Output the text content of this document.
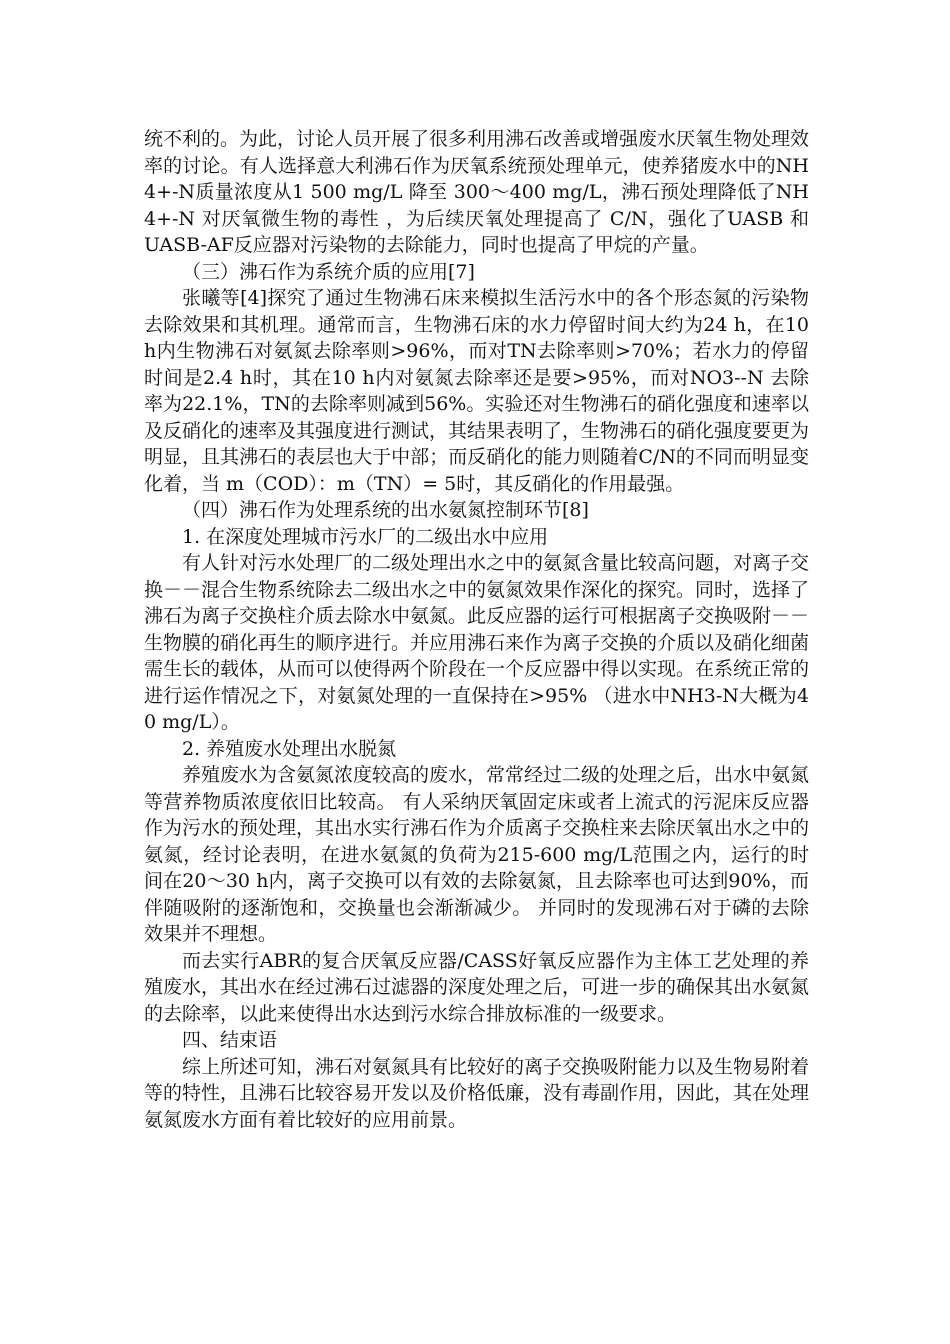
统不利的。为此，讨论人员开展了很多利用沸石改善或增强废水厌氧生物处理效率的讨论。有人选择意大利沸石作为厌氧系统预处理单元，使养猪废水中的NH4+-N质量浓度从1 500 mg/L 降至 300～400 mg/L，沸石预处理降低了NH4+-N 对厌氧微生物的毒性 ，为后续厌氧处理提高了 C/N，强化了UASB 和 UASB-AF反应器对污染物的去除能力，同时也提高了甲烷的产量。

（三）沸石作为系统介质的应用[7]

张曦等[4]探究了通过生物沸石床来模拟生活污水中的各个形态氮的污染物去除效果和其机理。通常而言，生物沸石床的水力停留时间大约为24 h，在10 h内生物沸石对氨氮去除率则>96%，而对TN去除率则>70%；若水力的停留时间是2.4 h时，其在10 h内对氨氮去除率还是要>95%，而对NO3--N 去除率为22.1%，TN的去除率则减到56%。实验还对生物沸石的硝化强度和速率以及反硝化的速率及其强度进行测试，其结果表明了，生物沸石的硝化强度要更为明显，且其沸石的表层也大于中部；而反硝化的能力则随着C/N的不同而明显变化着，当 m（COD）：m（TN）= 5时，其反硝化的作用最强。

（四）沸石作为处理系统的出水氨氮控制环节[8]

1. 在深度处理城市污水厂的二级出水中应用

有人针对污水处理厂的二级处理出水之中的氨氮含量比较高问题，对离子交换－－混合生物系统除去二级出水之中的氨氮效果作深化的探究。同时，选择了沸石为离子交换柱介质去除水中氨氮。此反应器的运行可根据离子交换吸附－－生物膜的硝化再生的顺序进行。并应用沸石来作为离子交换的介质以及硝化细菌需生长的载体，从而可以使得两个阶段在一个反应器中得以实现。在系统正常的进行运作情况之下，对氨氮处理的一直保持在>95% （进水中NH3-N大概为40 mg/L）。

2. 养殖废水处理出水脱氮

养殖废水为含氨氮浓度较高的废水，常常经过二级的处理之后，出水中氨氮等营养物质浓度依旧比较高。 有人采纳厌氧固定床或者上流式的污泥床反应器作为污水的预处理，其出水实行沸石作为介质离子交换柱来去除厌氧出水之中的氨氮，经讨论表明，在进水氨氮的负荷为215-600 mg/L范围之内，运行的时间在20～30 h内，离子交换可以有效的去除氨氮，且去除率也可达到90%，而伴随吸附的逐渐饱和，交换量也会渐渐减少。 并同时的发现沸石对于磷的去除效果并不理想。

而去实行ABR的复合厌氧反应器/CASS好氧反应器作为主体工艺处理的养殖废水，其出水在经过沸石过滤器的深度处理之后，可进一步的确保其出水氨氮的去除率，以此来使得出水达到污水综合排放标准的一级要求。

四、结束语

综上所述可知，沸石对氨氮具有比较好的离子交换吸附能力以及生物易附着等的特性，且沸石比较容易开发以及价格低廉，没有毒副作用，因此，其在处理氨氮废水方面有着比较好的应用前景。
